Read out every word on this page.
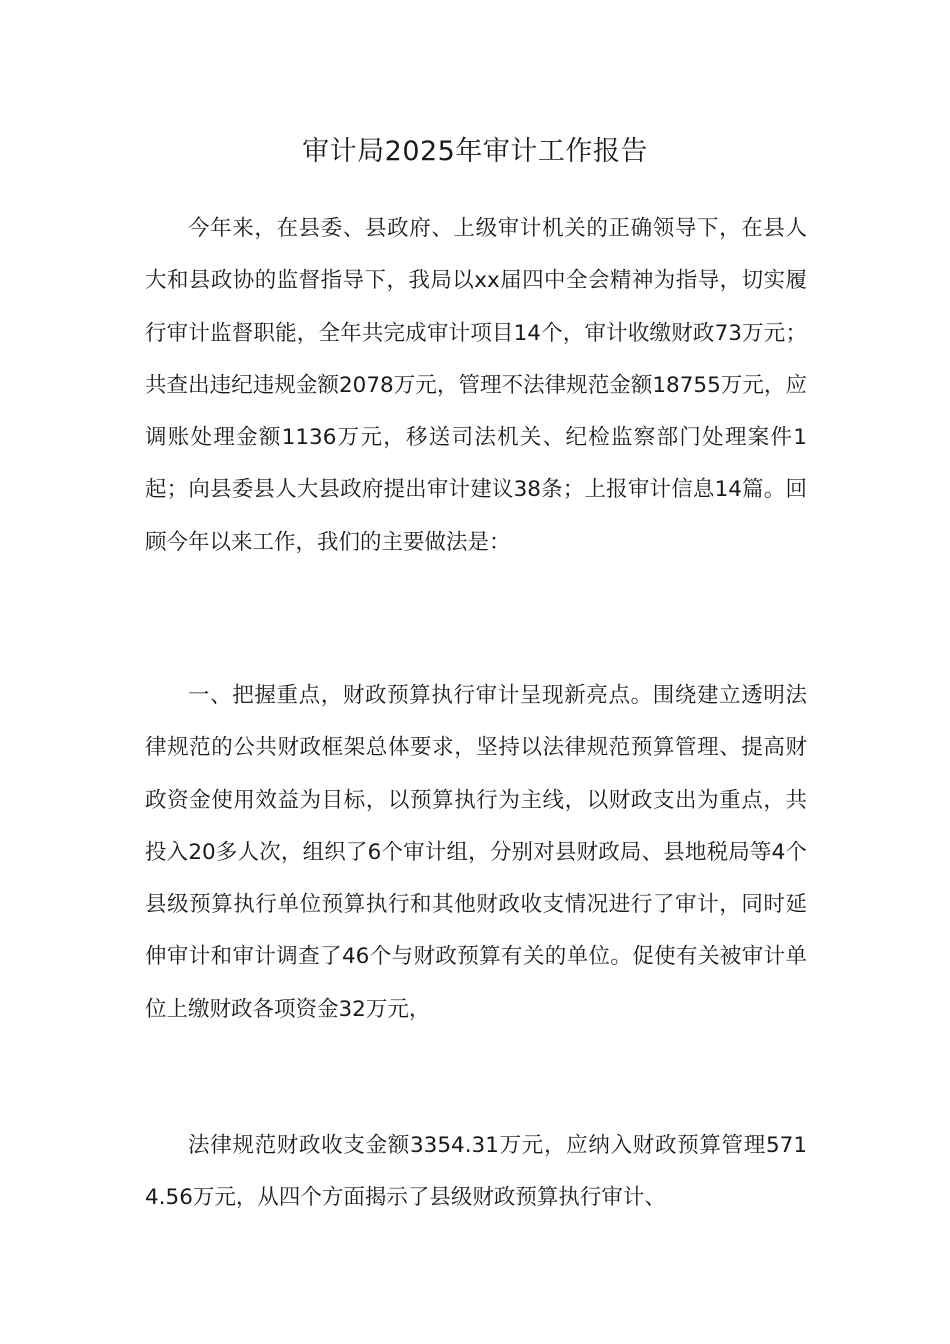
审计局2025年审计工作报告

今年来，在县委、县政府、上级审计机关的正确领导下，在县人大和县政协的监督指导下，我局以xx届四中全会精神为指导，切实履行审计监督职能，全年共完成审计项目14个，审计收缴财政73万元；共查出违纪违规金额2078万元，管理不法律规范金额18755万元，应调账处理金额1136万元，移送司法机关、纪检监察部门处理案件1起；向县委县人大县政府提出审计建议38条；上报审计信息14篇。回顾今年以来工作，我们的主要做法是：

一、把握重点，财政预算执行审计呈现新亮点。围绕建立透明法律规范的公共财政框架总体要求，坚持以法律规范预算管理、提高财政资金使用效益为目标，以预算执行为主线，以财政支出为重点，共投入20多人次，组织了6个审计组，分别对县财政局、县地税局等4个县级预算执行单位预算执行和其他财政收支情况进行了审计，同时延伸审计和审计调查了46个与财政预算有关的单位。促使有关被审计单位上缴财政各项资金32万元，

法律规范财政收支金额3354.31万元，应纳入财政预算管理5714.56万元，从四个方面揭示了县级财政预算执行审计、
